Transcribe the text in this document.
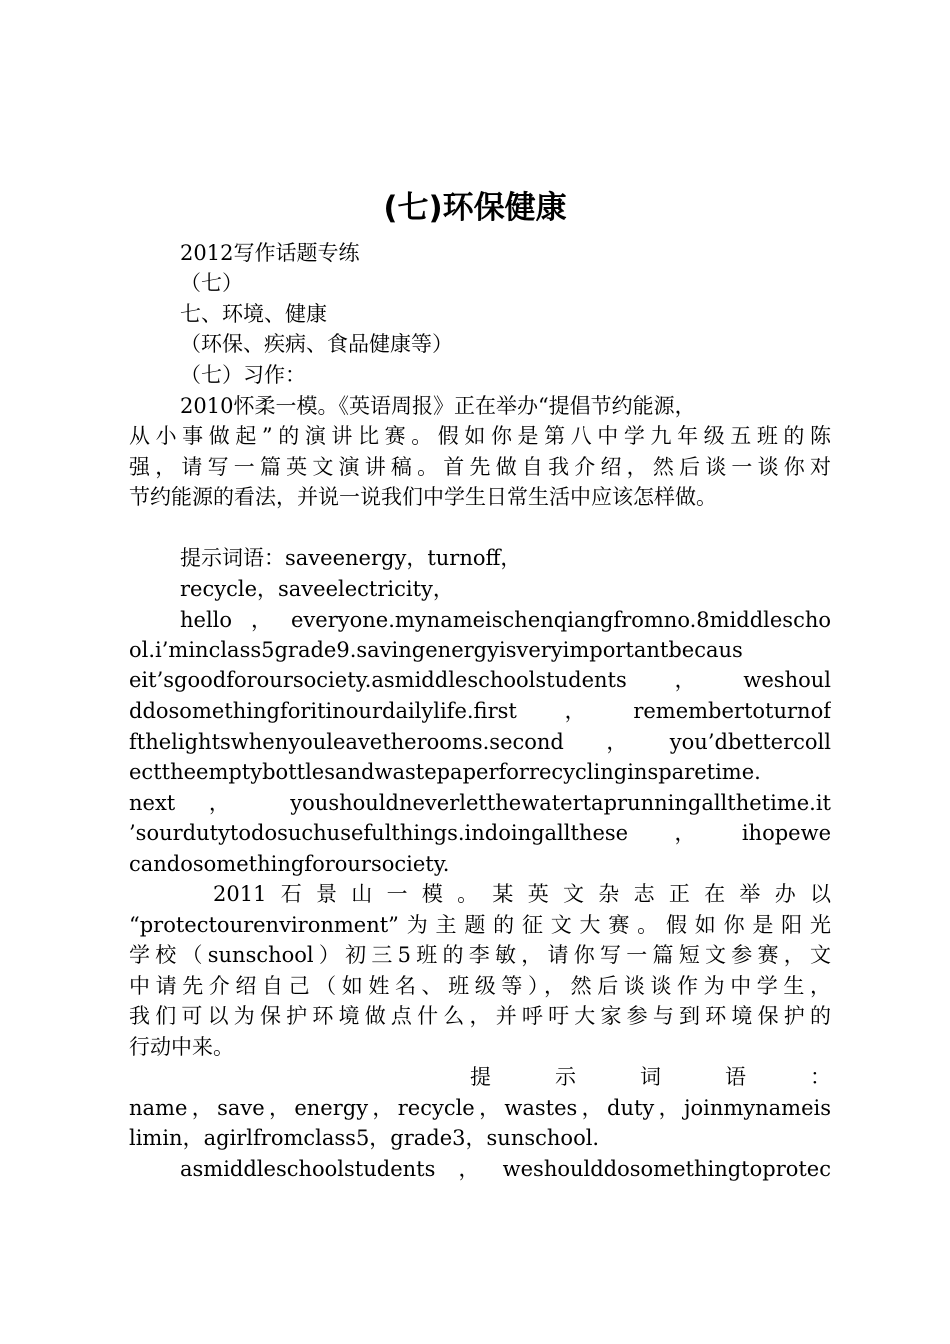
(七)环保健康

2012写作话题专练

（七）

七、环境、健康

（环保、疾病、食品健康等）

（七）习作：

2010怀柔一模。《英语周报》正在举办“提倡节约能源，

从小事做起”的演讲比赛。假如你是第八中学九年级五班的陈

强，请写一篇英文演讲稿。首先做自我介绍，然后谈一谈你对

节约能源的看法，并说一说我们中学生日常生活中应该怎样做。

提示词语：saveenergy，turnoff，

recycle，saveelectricity，

hello，everyone.mynameischenqiangfromno.8middlescho

ol.i’minclass5grade9.savingenergyisveryimportantbecaus

eit’sgoodforoursociety.asmiddleschoolstudents，weshoul

ddosomethingforitinourdailylife.first，remembertoturnof

fthelightswhenyouleavetherooms.second，you’dbettercoll

ecttheemptybottlesandwastepaperforrecyclinginsparetime.

next ， youshouldneverletthewatertaprunningallthetime.it

’sourdutytodosuchusefulthings.indoingallthese，ihopewe

candosomethingforoursociety.

2011石景山一模。某英文杂志正在举办以

“protectourenvironment”为主题的征文大赛。假如你是阳光

学校（sunschool）初三5班的李敏，请你写一篇短文参赛，文

中请先介绍自己（如姓名、班级等），然后谈谈作为中学生，

我们可以为保护环境做点什么，并呼吁大家参与到环境保护的

行动中来。

提示词语：

name，save，energy，recycle，wastes，duty，joinmynameis

limin，agirlfromclass5，grade3，sunschool.

asmiddleschoolstudents，weshoulddosomethingtoprotec
